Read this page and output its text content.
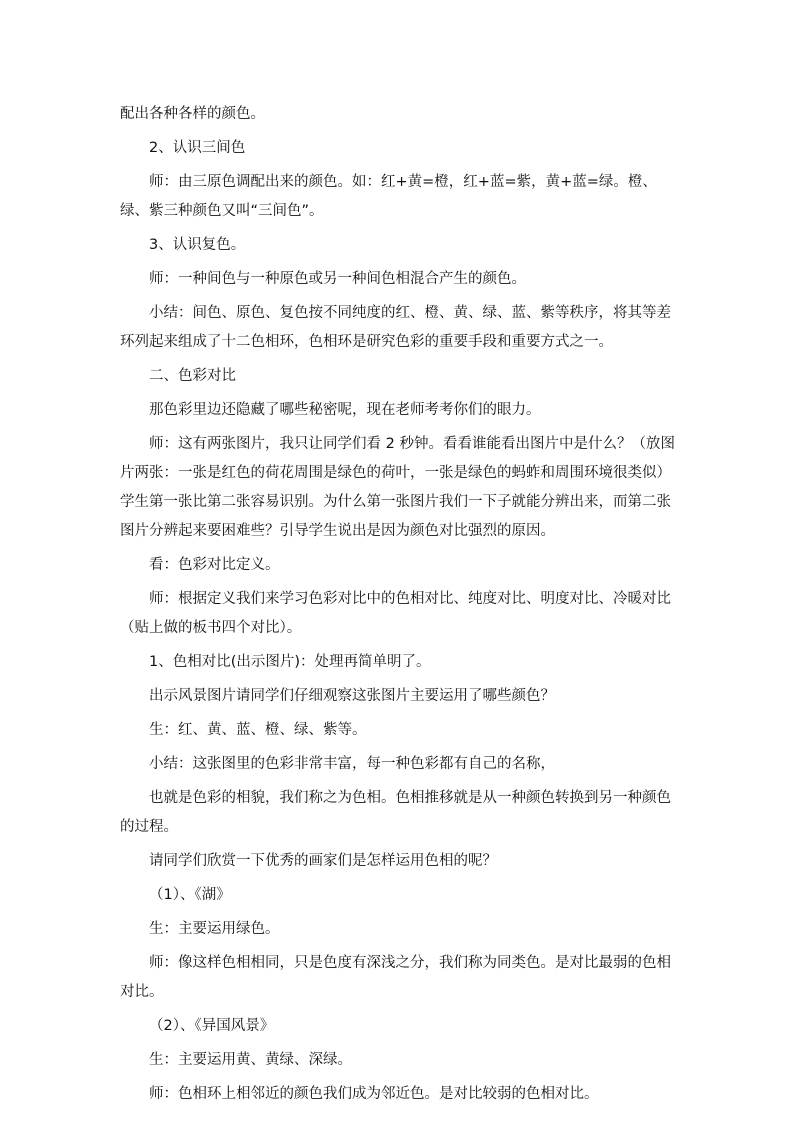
配出各种各样的颜色。

2、认识三间色

师：由三原色调配出来的颜色。如：红+黄=橙，红+蓝=紫，黄+蓝=绿。橙、绿、紫三种颜色又叫“三间色”。

3、认识复色。

师：一种间色与一种原色或另一种间色相混合产生的颜色。

小结：间色、原色、复色按不同纯度的红、橙、黄、绿、蓝、紫等秩序，将其等差环列起来组成了十二色相环，色相环是研究色彩的重要手段和重要方式之一。

二、色彩对比

那色彩里边还隐藏了哪些秘密呢，现在老师考考你们的眼力。

师：这有两张图片，我只让同学们看 2 秒钟。看看谁能看出图片中是什么？（放图片两张：一张是红色的荷花周围是绿色的荷叶，一张是绿色的蚂蚱和周围环境很类似）学生第一张比第二张容易识别。为什么第一张图片我们一下子就能分辨出来，而第二张图片分辨起来要困难些？引导学生说出是因为颜色对比强烈的原因。

看：色彩对比定义。

师：根据定义我们来学习色彩对比中的色相对比、纯度对比、明度对比、冷暖对比（贴上做的板书四个对比）。

1、色相对比(出示图片)：处理再简单明了。

出示风景图片请同学们仔细观察这张图片主要运用了哪些颜色？

生：红、黄、蓝、橙、绿、紫等。

小结：这张图里的色彩非常丰富，每一种色彩都有自己的名称，

也就是色彩的相貌，我们称之为色相。色相推移就是从一种颜色转换到另一种颜色的过程。

请同学们欣赏一下优秀的画家们是怎样运用色相的呢？

（1）、《湖》

生：主要运用绿色。

师：像这样色相相同，只是色度有深浅之分，我们称为同类色。是对比最弱的色相对比。

（2）、《异国风景》

生：主要运用黄、黄绿、深绿。

师：色相环上相邻近的颜色我们成为邻近色。是对比较弱的色相对比。
